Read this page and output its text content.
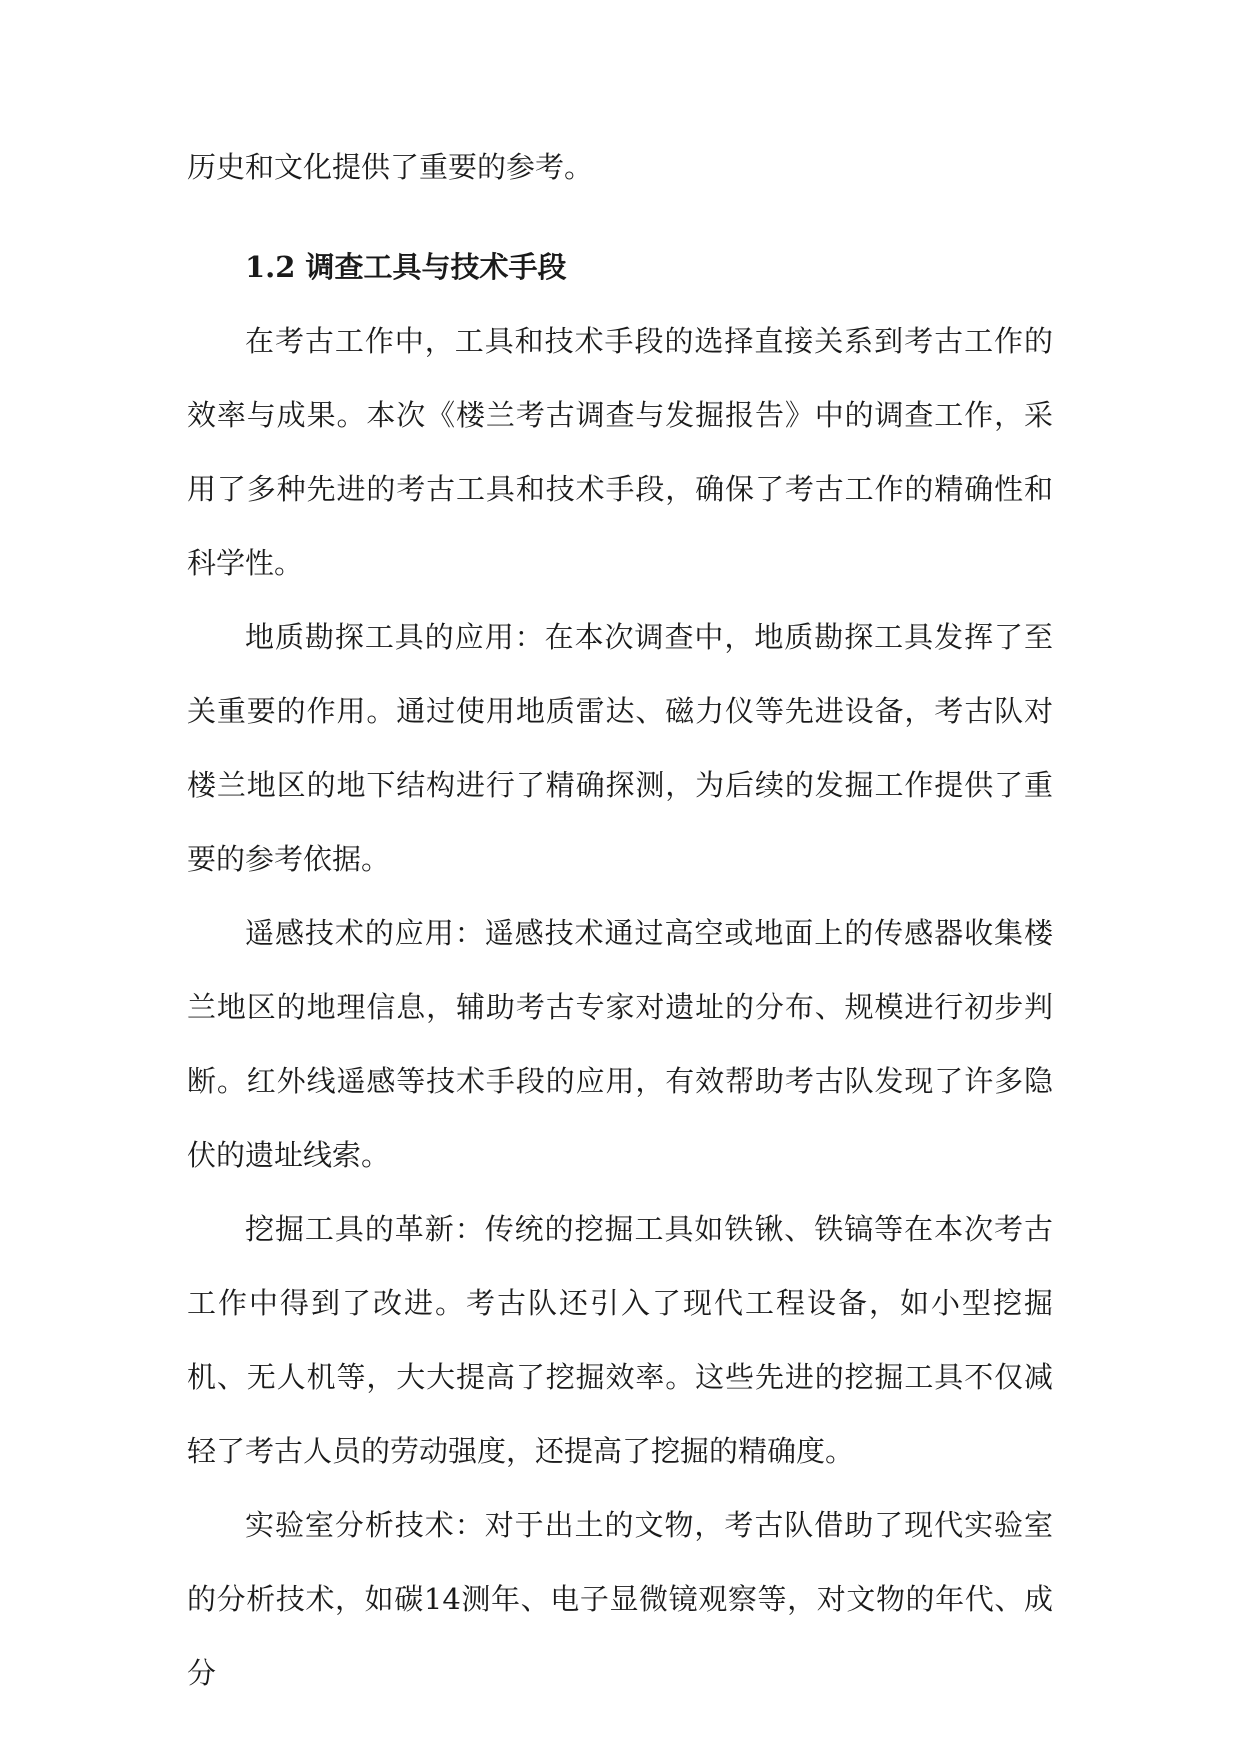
历史和文化提供了重要的参考。

1.2 调查工具与技术手段

在考古工作中，工具和技术手段的选择直接关系到考古工作的效率与成果。本次《楼兰考古调查与发掘报告》中的调查工作，采用了多种先进的考古工具和技术手段，确保了考古工作的精确性和科学性。

地质勘探工具的应用：在本次调查中，地质勘探工具发挥了至关重要的作用。通过使用地质雷达、磁力仪等先进设备，考古队对楼兰地区的地下结构进行了精确探测，为后续的发掘工作提供了重要的参考依据。

遥感技术的应用：遥感技术通过高空或地面上的传感器收集楼兰地区的地理信息，辅助考古专家对遗址的分布、规模进行初步判断。红外线遥感等技术手段的应用，有效帮助考古队发现了许多隐伏的遗址线索。

挖掘工具的革新：传统的挖掘工具如铁锹、铁镐等在本次考古工作中得到了改进。考古队还引入了现代工程设备，如小型挖掘机、无人机等，大大提高了挖掘效率。这些先进的挖掘工具不仅减轻了考古人员的劳动强度，还提高了挖掘的精确度。

实验室分析技术：对于出土的文物，考古队借助了现代实验室的分析技术，如碳14测年、电子显微镜观察等，对文物的年代、成分
